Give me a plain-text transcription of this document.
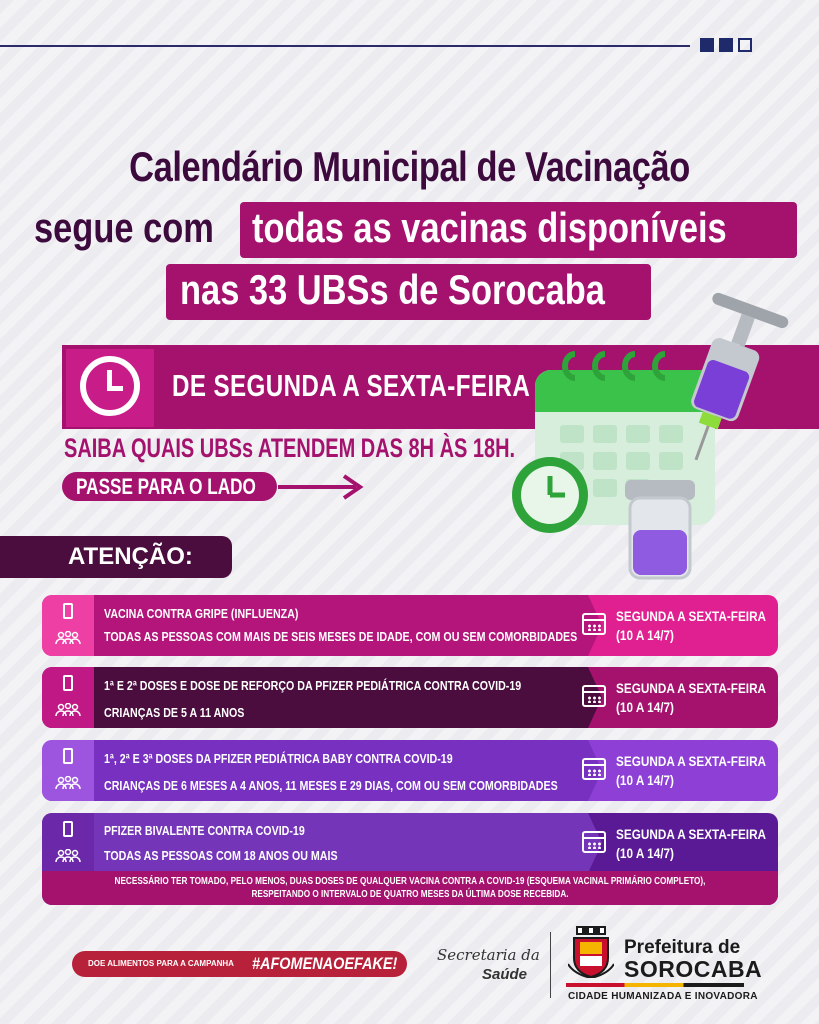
Calendário Municipal de Vacinação
segue com todas as vacinas disponíveis
nas 33 UBSs de Sorocaba
DE SEGUNDA A SEXTA-FEIRA
SAIBA QUAIS UBSs ATENDEM DAS 8H ÀS 18H.
PASSE PARA O LADO
ATENÇÃO:
VACINA CONTRA GRIPE (INFLUENZA)
TODAS AS PESSOAS COM MAIS DE SEIS MESES DE IDADE, COM OU SEM COMORBIDADES
SEGUNDA A SEXTA-FEIRA
(10 A 14/7)
1ª E 2ª DOSES E DOSE DE REFORÇO DA PFIZER PEDIÁTRICA CONTRA COVID-19
CRIANÇAS DE 5 A 11 ANOS
SEGUNDA A SEXTA-FEIRA
(10 A 14/7)
1ª, 2ª E 3ª DOSES DA PFIZER PEDIÁTRICA BABY CONTRA COVID-19
CRIANÇAS DE 6 MESES A 4 ANOS, 11 MESES E 29 DIAS, COM OU SEM COMORBIDADES
SEGUNDA A SEXTA-FEIRA
(10 A 14/7)
PFIZER BIVALENTE CONTRA COVID-19
TODAS AS PESSOAS COM 18 ANOS OU MAIS
SEGUNDA A SEXTA-FEIRA
(10 A 14/7)
NECESSÁRIO TER TOMADO, PELO MENOS, DUAS DOSES DE QUALQUER VACINA CONTRA A COVID-19 (ESQUEMA VACINAL PRIMÁRIO COMPLETO),
RESPEITANDO O INTERVALO DE QUATRO MESES DA ÚLTIMA DOSE RECEBIDA.
DOE ALIMENTOS PARA A CAMPANHA #AFOMENAOEFAKE!	Secretaria da
Saúde
Prefeitura de
SOROCABA
CIDADE HUMANIZADA E INOVADORA
